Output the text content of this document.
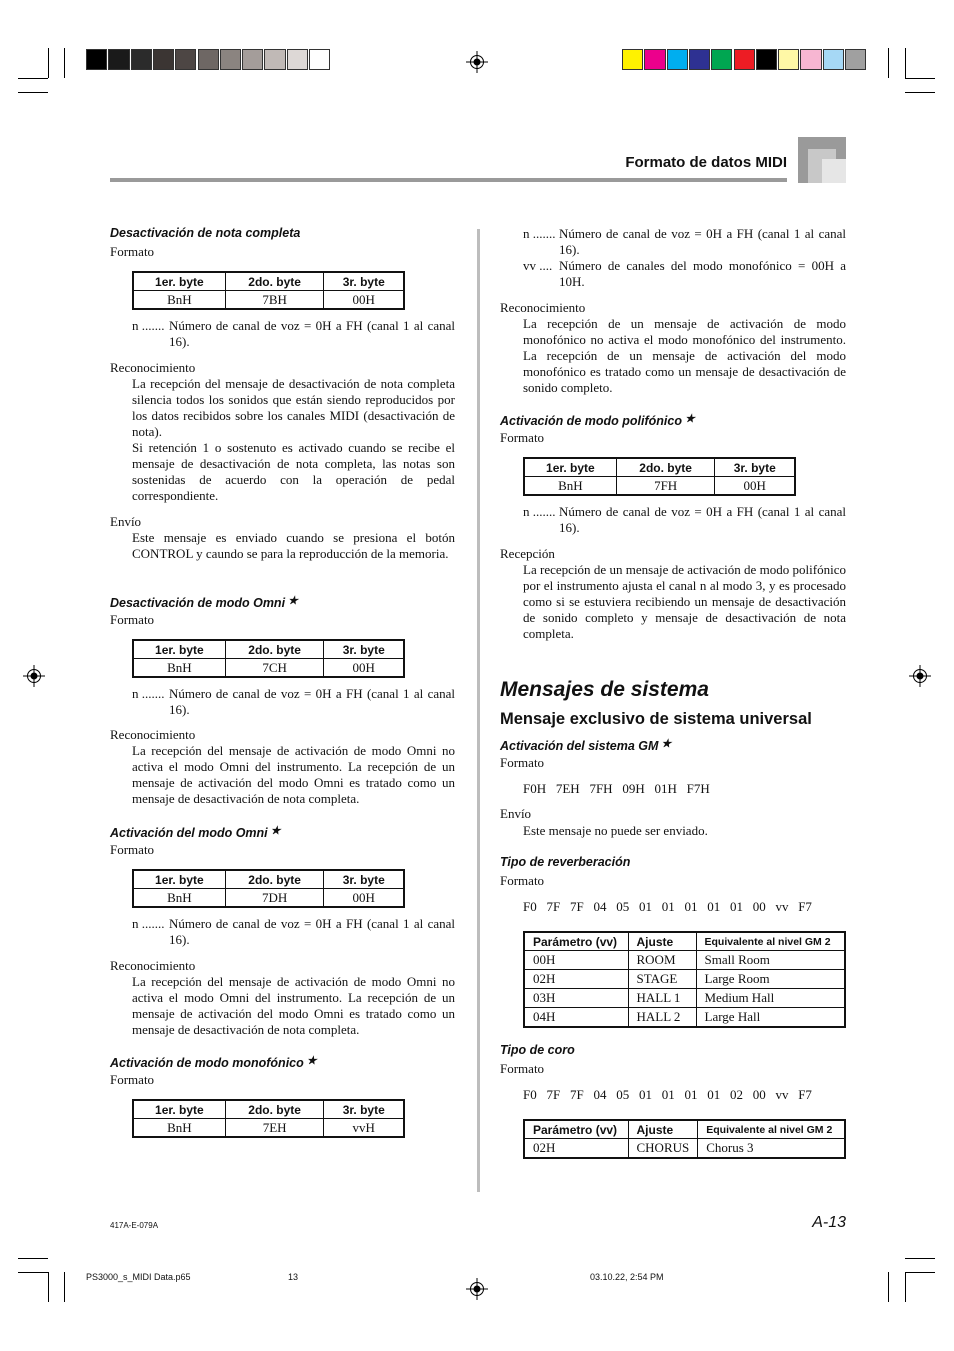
Formato de datos MIDI
Desactivación de nota completa
Formato
1er. byte	2do. byte	3r. byte
BnH	7BH	00H
n ....... Número de canal de voz = 0H a FH (canal 1 al canal 16).
Reconocimiento
La recepción del mensaje de desactivación de nota completa silencia todos los sonidos que están siendo reproducidos por los datos recibidos sobre los canales MIDI (desactivación de nota).
Si retención 1 o sostenuto es activado cuando se recibe el mensaje de desactivación de nota completa, las notas son sostenidas de acuerdo con la operación de pedal correspondiente.
Envío
Este mensaje es enviado cuando se presiona el botón CONTROL y caundo se para la reproducción de la memoria.
Desactivación de modo Omni ★
Formato
1er. byte	2do. byte	3r. byte
BnH	7CH	00H
n ....... Número de canal de voz = 0H a FH (canal 1 al canal 16).
Reconocimiento
La recepción del mensaje de activación de modo Omni no activa el modo Omni del instrumento. La recepción de un mensaje de activación del modo Omni es tratado como un mensaje de desactivación de nota completa.
Activación del modo Omni ★
Formato
1er. byte	2do. byte	3r. byte
BnH	7DH	00H
n ....... Número de canal de voz = 0H a FH (canal 1 al canal 16).
Reconocimiento
La recepción del mensaje de activación de modo Omni no activa el modo Omni del instrumento. La recepción de un mensaje de activación del modo Omni es tratado como un mensaje de desactivación de nota completa.
Activación de modo monofónico ★
Formato
1er. byte	2do. byte	3r. byte
BnH	7EH	vvH
n ....... Número de canal de voz = 0H a FH (canal 1 al canal 16).
vv .... Número de canales del modo monofónico = 00H a 10H.
Reconocimiento
La recepción de un mensaje de activación de modo monofónico no activa el modo monofónico del instrumento. La recepción de un mensaje de activación del modo monofónico es tratado como un mensaje de desactivación de sonido completo.
Activación de modo polifónico ★
Formato
1er. byte	2do. byte	3r. byte
BnH	7FH	00H
n ....... Número de canal de voz = 0H a FH (canal 1 al canal 16).
Recepción
La recepción de un mensaje de activación de modo polifónico por el instrumento ajusta el canal n al modo 3, y es procesado como si se estuviera recibiendo un mensaje de desactivación de sonido completo y mensaje de desactivación de nota completa.
Mensajes de sistema
Mensaje exclusivo de sistema universal
Activación del sistema GM ★
Formato
F0H   7EH   7FH   09H   01H   F7H
Envío
Este mensaje no puede ser enviado.
Tipo de reverberación
Formato
F0   7F   7F   04   05   01   01   01   01   01   00   vv   F7
Parámetro (vv)	Ajuste	Equivalente al nivel GM 2
00H	ROOM	Small Room
02H	STAGE	Large Room
03H	HALL 1	Medium Hall
04H	HALL 2	Large Hall
Tipo de coro
Formato
F0   7F   7F   04   05   01   01   01   01   02   00   vv   F7
Parámetro (vv)	Ajuste	Equivalente al nivel GM 2
02H	CHORUS	Chorus 3
417A-E-079A	A-13
PS3000_s_MIDI Data.p65	13	03.10.22, 2:54 PM
